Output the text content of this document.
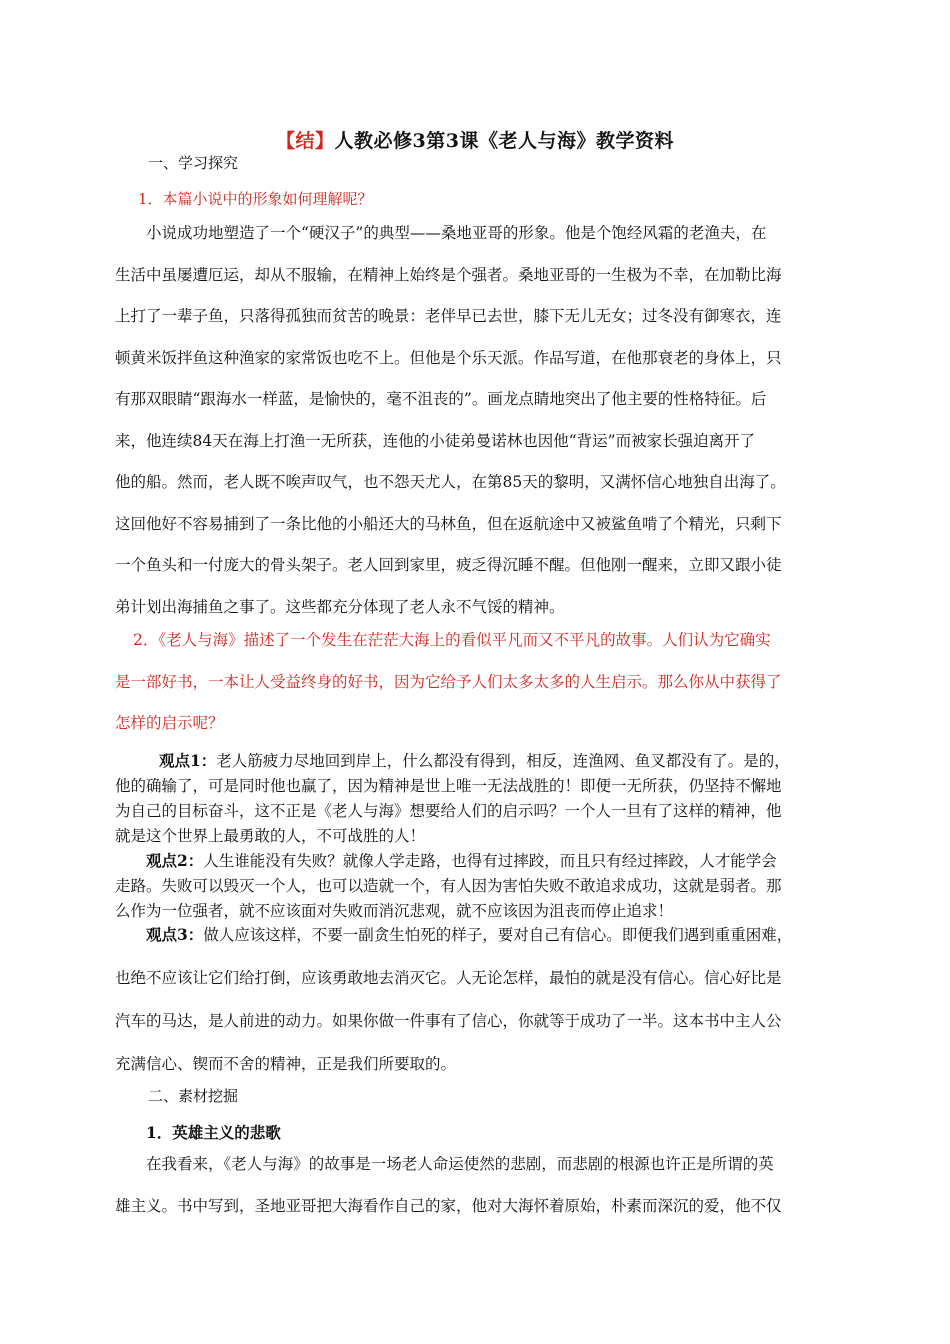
【结】人教必修3第3课《老人与海》教学资料
一、学习探究
1．本篇小说中的形象如何理解呢？
小说成功地塑造了一个“硬汉子”的典型——桑地亚哥的形象。他是个饱经风霜的老渔夫，在
生活中虽屡遭厄运，却从不服输，在精神上始终是个强者。桑地亚哥的一生极为不幸，在加勒比海
上打了一辈子鱼，只落得孤独而贫苦的晚景：老伴早已去世，膝下无儿无女；过冬没有御寒衣，连
顿黄米饭拌鱼这种渔家的家常饭也吃不上。但他是个乐天派。作品写道，在他那衰老的身体上，只
有那双眼睛“跟海水一样蓝，是愉快的，毫不沮丧的”。画龙点睛地突出了他主要的性格特征。后
来，他连续84天在海上打渔一无所获，连他的小徒弟曼诺林也因他“背运”而被家长强迫离开了
他的船。然而，老人既不唉声叹气，也不怨天尤人，在第85天的黎明，又满怀信心地独自出海了。
这回他好不容易捕到了一条比他的小船还大的马林鱼，但在返航途中又被鲨鱼啃了个精光，只剩下
一个鱼头和一付庞大的骨头架子。老人回到家里，疲乏得沉睡不醒。但他刚一醒来，立即又跟小徒
弟计划出海捕鱼之事了。这些都充分体现了老人永不气馁的精神。
2．《老人与海》描述了一个发生在茫茫大海上的看似平凡而又不平凡的故事。人们认为它确实
是一部好书，一本让人受益终身的好书，因为它给予人们太多太多的人生启示。那么你从中获得了
怎样的启示呢？
观点1：老人筋疲力尽地回到岸上，什么都没有得到，相反，连渔网、鱼叉都没有了。是的，
他的确输了，可是同时他也赢了，因为精神是世上唯一无法战胜的！即便一无所获，仍坚持不懈地
为自己的目标奋斗，这不正是《老人与海》想要给人们的启示吗？一个人一旦有了这样的精神，他
就是这个世界上最勇敢的人，不可战胜的人！
观点2：人生谁能没有失败？就像人学走路，也得有过摔跤，而且只有经过摔跤，人才能学会
走路。失败可以毁灭一个人，也可以造就一个，有人因为害怕失败不敢追求成功，这就是弱者。那
么作为一位强者，就不应该面对失败而消沉悲观，就不应该因为沮丧而停止追求！
观点3：做人应该这样，不要一副贪生怕死的样子，要对自己有信心。即便我们遇到重重困难，
也绝不应该让它们给打倒，应该勇敢地去消灭它。人无论怎样，最怕的就是没有信心。信心好比是
汽车的马达，是人前进的动力。如果你做一件事有了信心，你就等于成功了一半。这本书中主人公
充满信心、锲而不舍的精神，正是我们所要取的。
二、素材挖掘
1．英雄主义的悲歌
在我看来，《老人与海》的故事是一场老人命运使然的悲剧，而悲剧的根源也许正是所谓的英
雄主义。书中写到，圣地亚哥把大海看作自己的家，他对大海怀着原始，朴素而深沉的爱，他不仅
